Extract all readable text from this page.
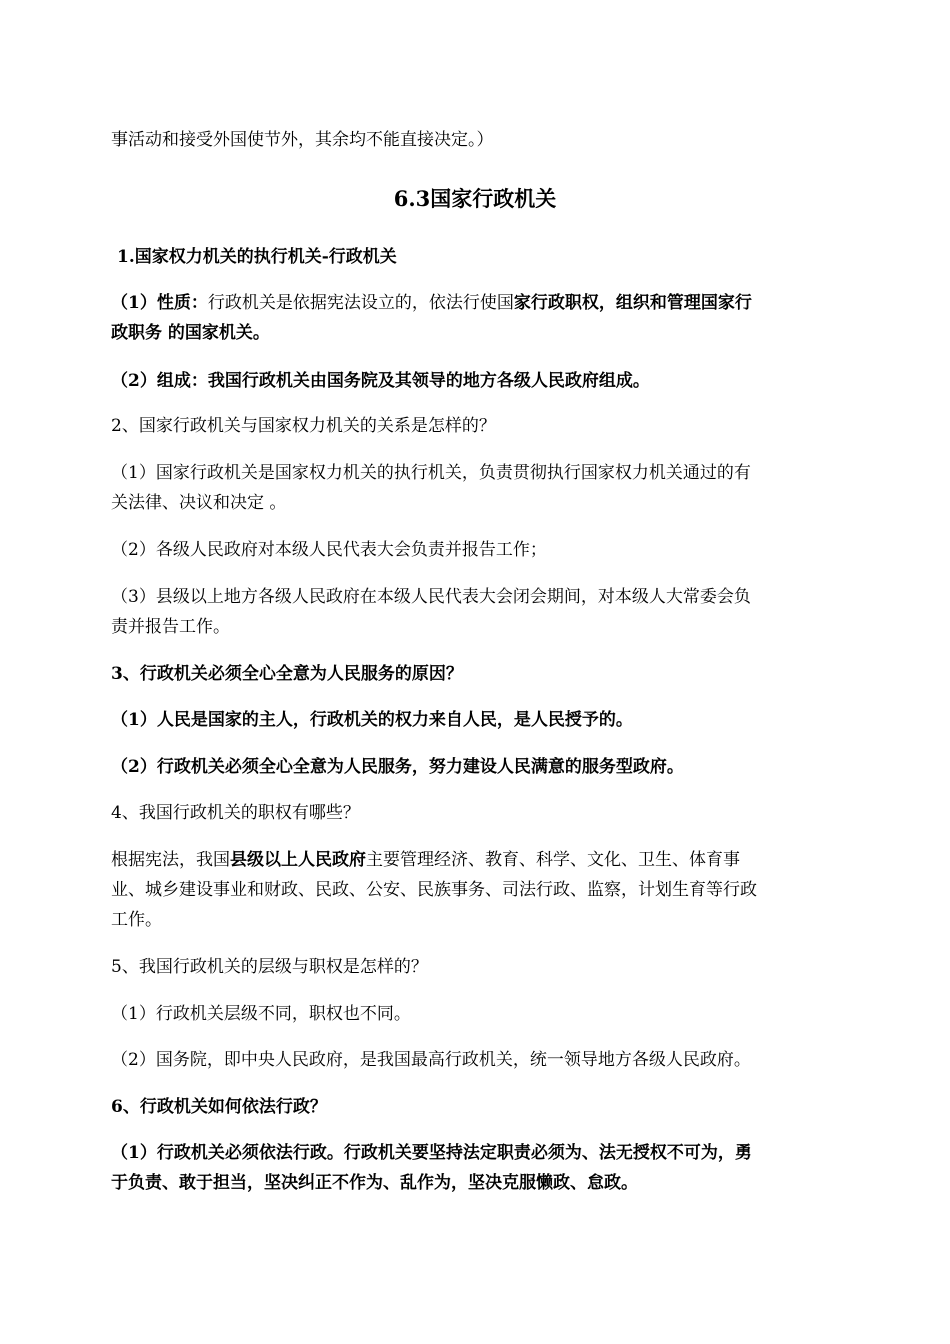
事活动和接受外国使节外，其余均不能直接决定。）
6.3国家行政机关
1.国家权力机关的执行机关-行政机关
（1）性质：行政机关是依据宪法设立的，依法行使国家行政职权，组织和管理国家行
政职务 的国家机关。
（2）组成：我国行政机关由国务院及其领导的地方各级人民政府组成。
2、国家行政机关与国家权力机关的关系是怎样的？
（1）国家行政机关是国家权力机关的执行机关，负责贯彻执行国家权力机关通过的有
关法律、决议和决定 。
（2）各级人民政府对本级人民代表大会负责并报告工作；
（3）县级以上地方各级人民政府在本级人民代表大会闭会期间，对本级人大常委会负
责并报告工作。
3、行政机关必须全心全意为人民服务的原因？
（1）人民是国家的主人，行政机关的权力来自人民，是人民授予的。
（2）行政机关必须全心全意为人民服务，努力建设人民满意的服务型政府。
4、我国行政机关的职权有哪些？
根据宪法，我国县级以上人民政府主要管理经济、教育、科学、文化、卫生、体育事
业、城乡建设事业和财政、民政、公安、民族事务、司法行政、监察，计划生育等行政
工作。
5、我国行政机关的层级与职权是怎样的？
（1）行政机关层级不同，职权也不同。
（2）国务院，即中央人民政府，是我国最高行政机关，统一领导地方各级人民政府。
6、行政机关如何依法行政？
（1）行政机关必须依法行政。行政机关要坚持法定职责必须为、法无授权不可为，勇
于负责、敢于担当，坚决纠正不作为、乱作为，坚决克服懒政、怠政。
